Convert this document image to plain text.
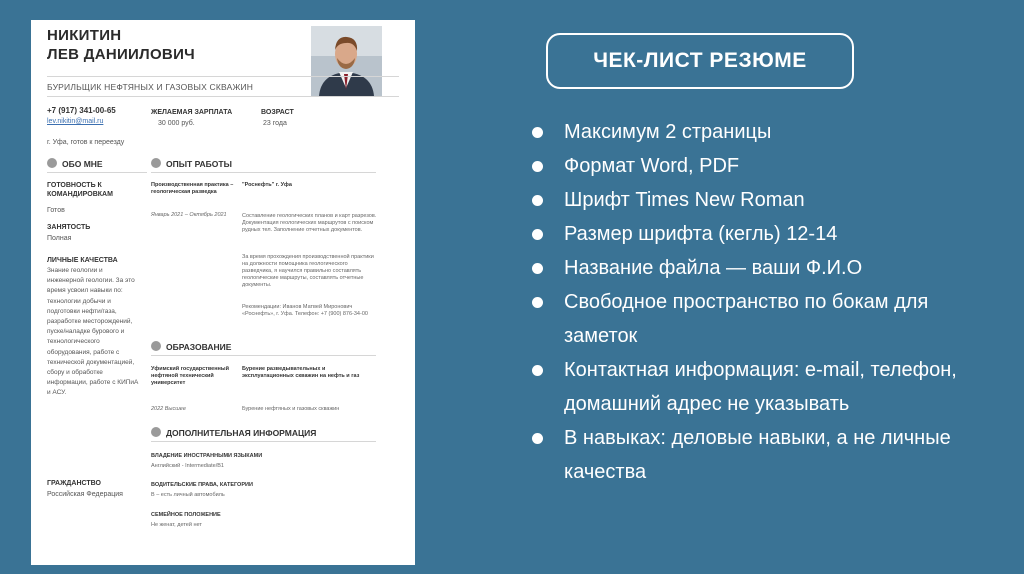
НИКИТИН
ЛЕВ ДАНИИЛОВИЧ
БУРИЛЬЩИК НЕФТЯНЫХ И ГАЗОВЫХ СКВАЖИН
+7 (917) 341-00-65
lev.nikitin@mail.ru
г. Уфа, готов к переезду
ЖЕЛАЕМАЯ ЗАРПЛАТА
30 000 руб.
ВОЗРАСТ
23 года
ОБО МНЕ
ГОТОВНОСТЬ К КОМАНДИРОВКАМ
Готов
ЗАНЯТОСТЬ
Полная
ЛИЧНЫЕ КАЧЕСТВА
Знание геологии и инженерной геологии. За это время усвоил навыки по: технологии добычи и подготовки нефти/газа, разработке месторождений, пуске/наладке бурового и технологического оборудования, работе с технической документацией, сбору и обработке информации, работе с КИПиА и АСУ.
ГРАЖДАНСТВО
Российская Федерация
ОПЫТ РАБОТЫ
Производственная практика – геологическая разведка
"Роснефть" г. Уфа
Январь 2021 – Октябрь 2021	Составление геологических планов и карт разрезов. Документация геологических маршрутов с поиском рудных тел. Заполнение отчетных документов.
За время прохождения производственной практики на должности помощника геологического разведчика, я научился правильно составлять геологические маршруты, составлять отчетные документы.
Рекомендации: Иванов Матвей Миронович «Роснефть», г. Уфа. Телефон: +7 (900) 876-34-00
ОБРАЗОВАНИЕ
Уфимский государственный нефтяной технический университет
2022 Высшее
Бурение разведывательных и эксплуатационных скважин на нефть и газ
Бурение нефтяных и газовых скважин
ДОПОЛНИТЕЛЬНАЯ ИНФОРМАЦИЯ
ВЛАДЕНИЕ ИНОСТРАННЫМИ ЯЗЫКАМИ
Английский - Intermediate/B1
ВОДИТЕЛЬСКИЕ ПРАВА, КАТЕГОРИИ
В – есть личный автомобиль
СЕМЕЙНОЕ ПОЛОЖЕНИЕ
Не женат, детей нет
ЧЕК-ЛИСТ РЕЗЮМЕ
Максимум 2 страницы
Формат Word, PDF
Шрифт Times New Roman
Размер шрифта (кегль) 12-14
Название файла — ваши Ф.И.О
Свободное пространство по бокам для заметок
Контактная информация: e-mail, телефон, домашний адрес не указывать
В навыках: деловые навыки, а не личные качества
